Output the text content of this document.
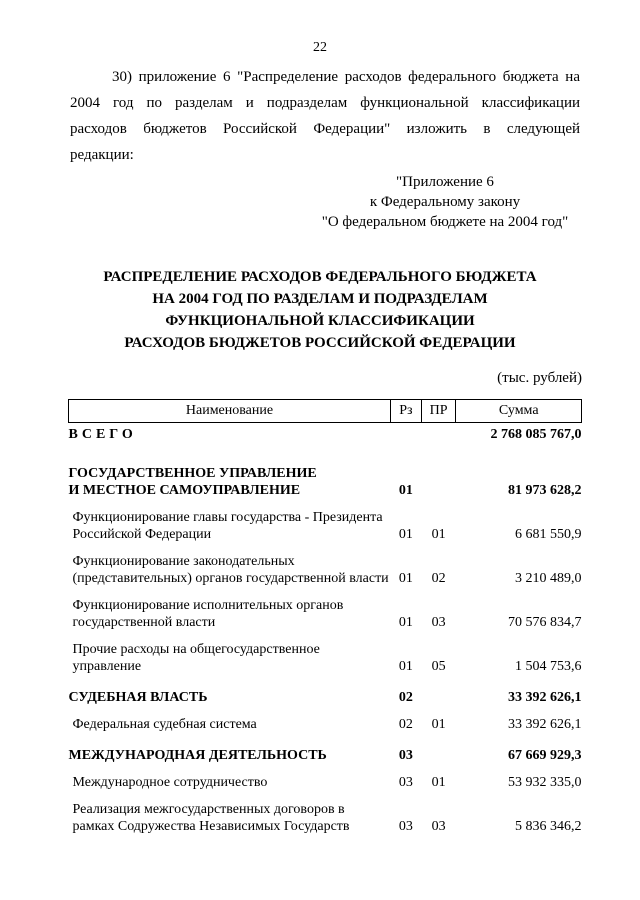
22

30) приложение 6 "Распределение расходов федерального бюджета на

2004 год по разделам и подразделам функциональной классификации

расходов бюджетов Российской Федерации" изложить в следующей

редакции:

"Приложение 6
к Федеральному закону
"О федеральном бюджете на 2004 год"
РАСПРЕДЕЛЕНИЕ РАСХОДОВ ФЕДЕРАЛЬНОГО БЮДЖЕТА
НА 2004 ГОД ПО РАЗДЕЛАМ И ПОДРАЗДЕЛАМ
ФУНКЦИОНАЛЬНОЙ КЛАССИФИКАЦИИ
РАСХОДОВ БЮДЖЕТОВ РОССИЙСКОЙ ФЕДЕРАЦИИ
(тыс. рублей)
Наименование	Рз	ПР	Сумма
ВСЕГО			2 768 085 767,0
ГОСУДАРСТВЕННОЕ УПРАВЛЕНИЕ
И МЕСТНОЕ САМОУПРАВЛЕНИЕ	01		81 973 628,2
Функционирование главы государства - Президента
Российской Федерации	01	01	6 681 550,9
Функционирование законодательных
(представительных) органов государственной власти	01	02	3 210 489,0
Функционирование исполнительных органов
государственной власти	01	03	70 576 834,7
Прочие расходы на общегосударственное
управление	01	05	1 504 753,6
СУДЕБНАЯ ВЛАСТЬ	02		33 392 626,1
Федеральная судебная система	02	01	33 392 626,1
МЕЖДУНАРОДНАЯ ДЕЯТЕЛЬНОСТЬ	03		67 669 929,3
Международное сотрудничество	03	01	53 932 335,0
Реализация межгосударственных договоров в
рамках Содружества Независимых Государств	03	03	5 836 346,2
